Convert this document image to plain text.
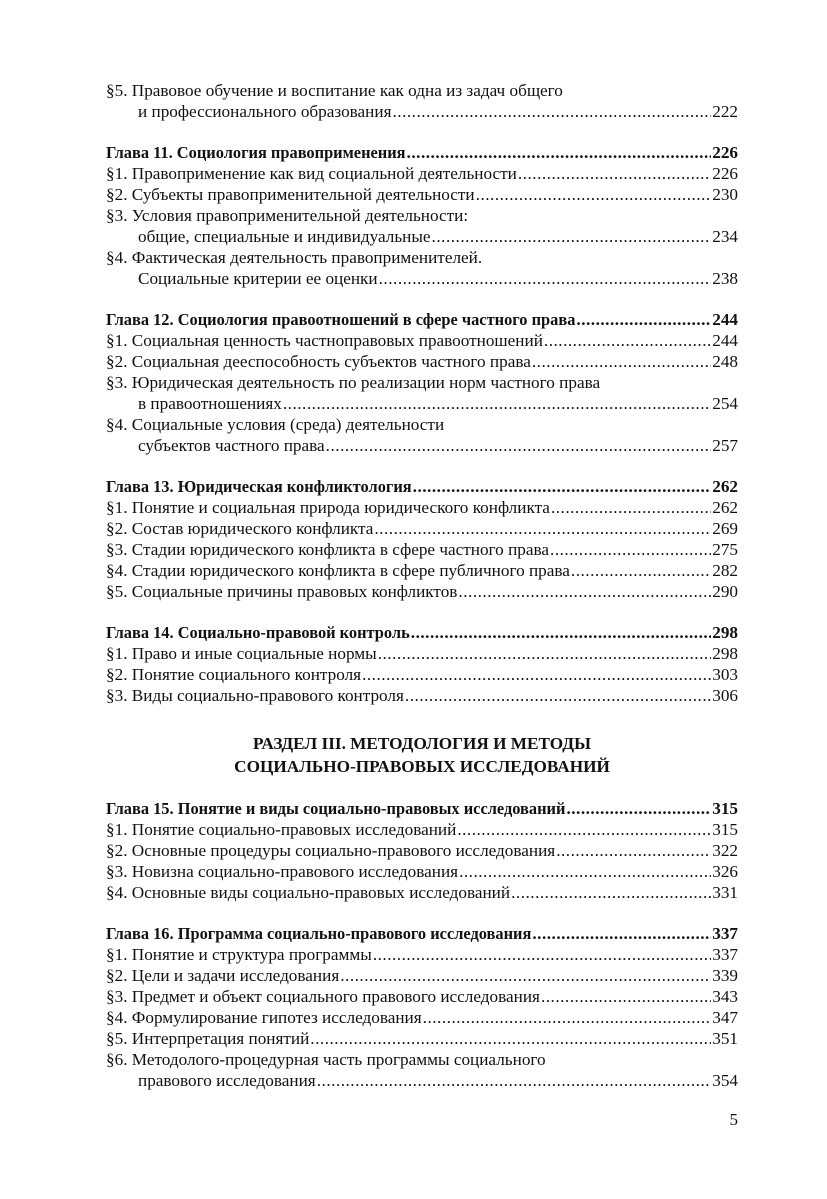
§5. Правовое обучение и воспитание как одна из задач общего
и профессионального образования .....	222
Глава 11. Социология правоприменения .....	226
§1. Правоприменение как вид социальной деятельности .....	226
§2. Субъекты правоприменительной деятельности .....	230
§3. Условия правоприменительной деятельности:
общие, специальные и индивидуальные .....	234
§4. Фактическая деятельность правоприменителей.
Социальные критерии ее оценки .....	238
Глава 12. Социология правоотношений в сфере частного права .....	244
§1. Социальная ценность частноправовых правоотношений .....	244
§2. Социальная дееспособность субъектов частного права .....	248
§3. Юридическая деятельность по реализации норм частного права
в правоотношениях .....	254
§4. Социальные условия (среда) деятельности
субъектов частного права .....	257
Глава 13. Юридическая конфликтология .....	262
§1. Понятие и социальная природа юридического конфликта .....	262
§2. Состав юридического конфликта .....	269
§3. Стадии юридического конфликта в сфере частного права .....	275
§4. Стадии юридического конфликта в сфере публичного права .....	282
§5. Социальные причины правовых конфликтов .....	290
Глава 14. Социально-правовой контроль .....	298
§1. Право и иные социальные нормы .....	298
§2. Понятие социального контроля .....	303
§3. Виды социально-правового контроля .....	306
РАЗДЕЛ III. МЕТОДОЛОГИЯ И МЕТОДЫ
СОЦИАЛЬНО-ПРАВОВЫХ ИССЛЕДОВАНИЙ
Глава 15. Понятие и виды социально-правовых исследований .....	315
§1. Понятие социально-правовых исследований .....	315
§2. Основные процедуры социально-правового исследования .....	322
§3. Новизна социально-правового исследования .....	326
§4. Основные виды социально-правовых исследований .....	331
Глава 16. Программа социально-правового исследования .....	337
§1. Понятие и структура программы .....	337
§2. Цели и задачи исследования .....	339
§3. Предмет и объект социального правового исследования .....	343
§4. Формулирование гипотез исследования .....	347
§5. Интерпретация понятий .....	351
§6. Методолого-процедурная часть программы социального
правового исследования .....	354
5
